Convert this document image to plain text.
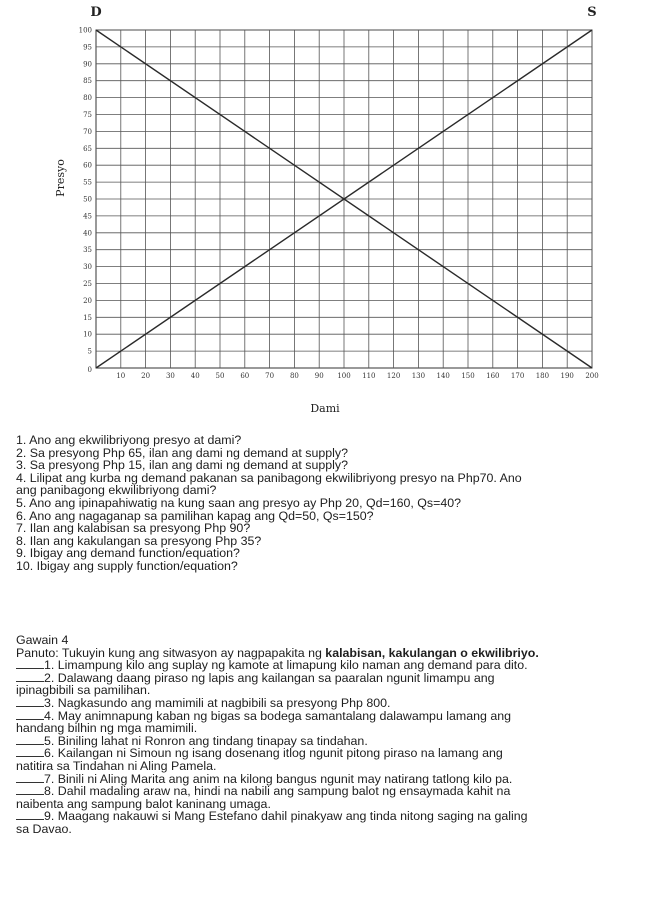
10 20 30 40 50 60 70 80 90 100 110 120 130 140 150 160 170 180 190 200
5
10
15
20
25
30
35
40
45
50
55
60
65
70
75
80
85
90
95
100
0
D	S
Presyo
Dami
1. Ano ang ekwilibriyong presyo at dami?
2. Sa presyong Php 65, ilan ang dami ng demand at supply?
3. Sa presyong Php 15, ilan ang dami ng demand at supply?
4. Lilipat ang kurba ng demand pakanan sa panibagong ekwilibriyong presyo na Php70. Ano
ang panibagong ekwilibriyong dami?
5. Ano ang ipinapahiwatig na kung saan ang presyo ay Php 20, Qd=160, Qs=40?
6. Ano ang nagaganap sa pamilihan kapag ang Qd=50, Qs=150?
7. Ilan ang kalabisan sa presyong Php 90?
8. Ilan ang kakulangan sa presyong Php 35?
9. Ibigay ang demand function/equation?
10. Ibigay ang supply function/equation?
Gawain 4
Panuto: Tukuyin kung ang sitwasyon ay nagpapakita ng kalabisan, kakulangan o ekwilibriyo.
1. Limampung kilo ang suplay ng kamote at limapung kilo naman ang demand para dito.
2. Dalawang daang piraso ng lapis ang kailangan sa paaralan ngunit limampu ang
ipinagbibili sa pamilihan.
3. Nagkasundo ang mamimili at nagbibili sa presyong Php 800.
4. May animnapung kaban ng bigas sa bodega samantalang dalawampu lamang ang
handang bilhin ng mga mamimili.
5. Biniling lahat ni Ronron ang tindang tinapay sa tindahan.
6. Kailangan ni Simoun ng isang dosenang itlog ngunit pitong piraso na lamang ang
natitira sa Tindahan ni Aling Pamela.
7. Binili ni Aling Marita ang anim na kilong bangus ngunit may natirang tatlong kilo pa.
8. Dahil madaling araw na, hindi na nabili ang sampung balot ng ensaymada kahit na
naibenta ang sampung balot kaninang umaga.
9. Maagang nakauwi si Mang Estefano dahil pinakyaw ang tinda nitong saging na galing
sa Davao.
